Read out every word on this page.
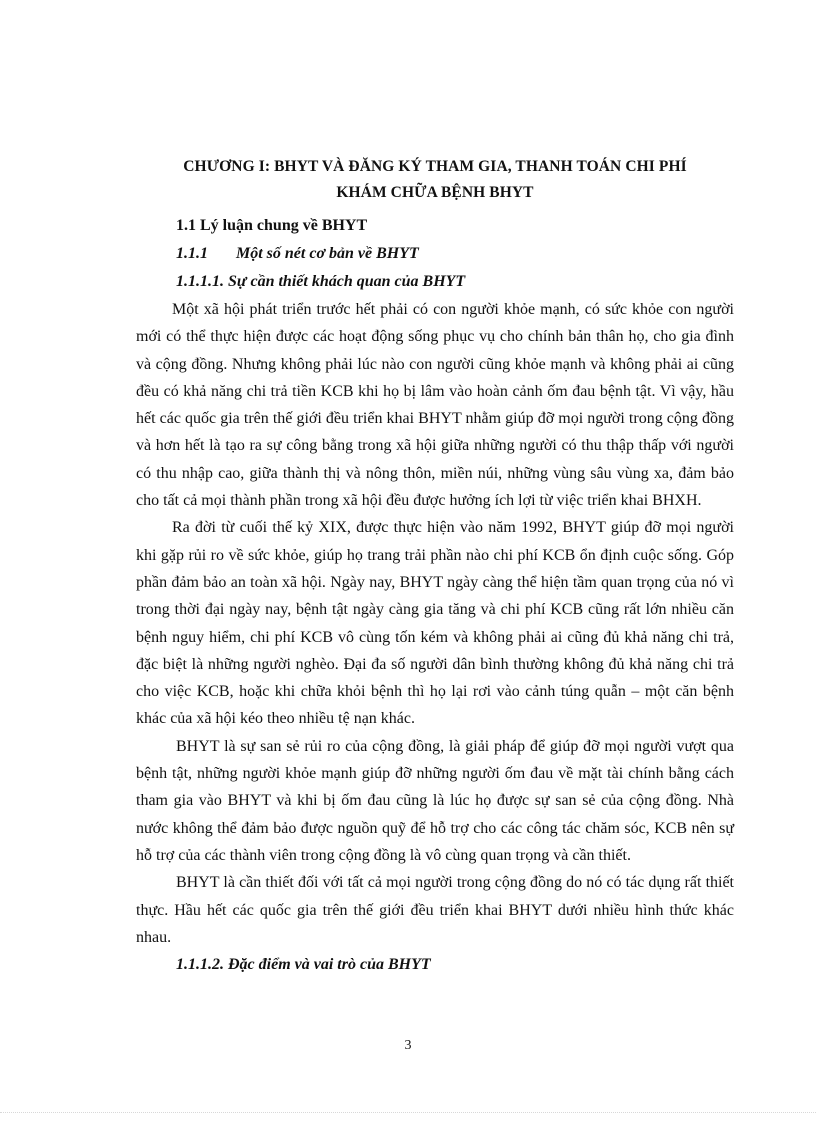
CHƯƠNG I: BHYT VÀ ĐĂNG KÝ THAM GIA, THANH TOÁN CHI PHÍ
KHÁM CHỮA BỆNH BHYT
1.1 Lý luận chung về BHYT
1.1.1 Một số nét cơ bản về BHYT
1.1.1.1. Sự cần thiết khách quan của BHYT

Một xã hội phát triển trước hết phải có con người khỏe mạnh, có sức khỏe con người mới có thể thực hiện được các hoạt động sống phục vụ cho chính bản thân họ, cho gia đình và cộng đồng. Nhưng không phải lúc nào con người cũng khỏe mạnh và không phải ai cũng đều có khả năng chi trả tiền KCB khi họ bị lâm vào hoàn cảnh ốm đau bệnh tật. Vì vậy, hầu hết các quốc gia trên thế giới đều triển khai BHYT nhằm giúp đỡ mọi người trong cộng đồng và hơn hết là tạo ra sự công bằng trong xã hội giữa những người có thu thập thấp với người có thu nhập cao, giữa thành thị và nông thôn, miền núi, những vùng sâu vùng xa, đảm bảo cho tất cả mọi thành phần trong xã hội đều được hưởng ích lợi từ việc triển khai BHXH.

Ra đời từ cuối thế kỷ XIX, được thực hiện vào năm 1992, BHYT giúp đỡ mọi người khi gặp rủi ro về sức khỏe, giúp họ trang trải phần nào chi phí KCB ổn định cuộc sống. Góp phần đảm bảo an toàn xã hội. Ngày nay, BHYT ngày càng thể hiện tầm quan trọng của nó vì trong thời đại ngày nay, bệnh tật ngày càng gia tăng và chi phí KCB cũng rất lớn nhiều căn bệnh nguy hiểm, chi phí KCB vô cùng tốn kém và không phải ai cũng đủ khả năng chi trả, đặc biệt là những người nghèo. Đại đa số người dân bình thường không đủ khả năng chi trả cho việc KCB, hoặc khi chữa khỏi bệnh thì họ lại rơi vào cảnh túng quẫn – một căn bệnh khác của xã hội kéo theo nhiều tệ nạn khác.

BHYT là sự san sẻ rủi ro của cộng đồng, là giải pháp để giúp đỡ mọi người vượt qua bệnh tật, những người khỏe mạnh giúp đỡ những người ốm đau về mặt tài chính bằng cách tham gia vào BHYT và khi bị ốm đau cũng là lúc họ được sự san sẻ của cộng đồng. Nhà nước không thể đảm bảo được nguồn quỹ để hỗ trợ cho các công tác chăm sóc, KCB nên sự hỗ trợ của các thành viên trong cộng đồng là vô cùng quan trọng và cần thiết.

BHYT là cần thiết đối với tất cả mọi người trong cộng đồng do nó có tác dụng rất thiết thực. Hầu hết các quốc gia trên thế giới đều triển khai BHYT dưới nhiều hình thức khác nhau.

1.1.1.2. Đặc điểm và vai trò của BHYT
3
